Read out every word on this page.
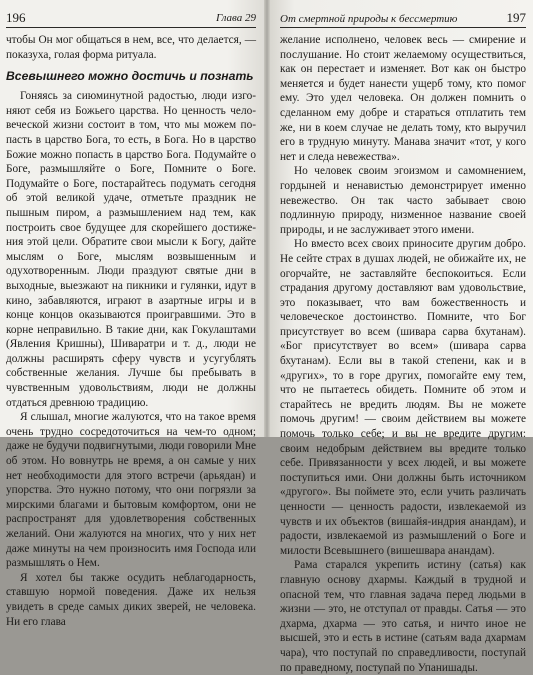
196	Глава 29

чтобы Он мог общаться в нем, все, что делается, — показуха, голая форма ритуала.

Всевышнего можно достичь и познать

Гоняясь за сиюминутной радостью, люди изгоняют себя из Божьего царства. Но ценность человеческой жизни состоит в том, что мы можем попасть в царство Бога, то есть, в Бога. Но в царство Божие можно попасть в царство Бога. Подумайте о Боге, размышляйте о Боге, Помните о Боге. Подумайте о Боге, постарайтесь подумать сегодня об этой великой удаче, отметьте праздник не пышным пиром, а размышлением над тем, как построить свое будущее для скорейшего достижения этой цели. Обратите свои мысли к Богу, дайте мыслям о Боге, мыслям возвышенным и одухотворенным. Люди праздуют святые дни в выходные, выезжают на пикники и гулянки, идут в кино, забавляются, играют в азартные игры и в конце концов оказываются проигравшими. Это в корне неправильно. В такие дни, как Гокулаштами (Явления Кришны), Шиваратри и т. д., люди не должны расширять сферу чувств и усугублять собственные желания. Лучше бы пребывать в чувственным удовольствиям, люди не должны отдаться древнюю традицию.

Я слышал, многие жалуются, что на такое время очень трудно сосредоточиться на чем-то одном; даже не будучи подвигнутыми, люди говорили Мне об этом. Но вовнутрь не время, а он самые у них нет необходимости для этого встречи (арьядан) и упорства. Это нужно потому, что они погрязли за мирскими благами и бытовым комфортом, они не распространят для удовлетворения собственных желаний. Они жалуются на многих, что у них нет даже минуты на чем произносить имя Господа или размышлять о Нем.

Я хотел бы также осудить неблагодарность, ставшую нормой поведения. Даже их нельзя увидеть в среде самых диких зверей, не человека. Ни его глава

От смертной природы к бессмертию	197

желание исполнено, человек весь — смирение и послушание. Но стоит желаемому осуществиться, как он перестает и изменяет. Вот как он быстро меняется и будет нанести ущерб тому, кто помог ему. Это удел человека. Он должен помнить о сделанном ему добре и стараться отплатить тем же, ни в коем случае не делать тому, кто выручил его в трудную минуту. Манава значит «тот, у кого нет и следа невежества».

Но человек своим эгоизмом и самомнением, гордыней и ненавистью демонстрирует именно невежество. Он так часто забывает свою подлинную природу, низменное название своей природы, и не заслуживает этого имени.

Но вместо всех своих приносите другим добро. Не сейте страх в душах людей, не обижайте их, не огорчайте, не заставляйте беспокоиться. Если страдания другому доставляют вам удовольствие, это показывает, что вам божественность и человеческое достоинство. Помните, что Бог присутствует во всем (шивара сарва бхутанам). «Бог присутствует во всем» (шивара сарва бхутанам). Если вы в такой степени, как и в «других», то в горе других, помогайте ему тем, что не пытаетесь обидеть. Помните об этом и старайтесь не вредить людям. Вы не можете помочь другим! — своим действием вы можете помочь только себе; и вы не вредите другим: своим недобрым действием вы вредите только себе. Привязанности у всех людей, и вы можете поступиться ими. Они должны быть источником «другого». Вы поймете это, если учить различать ценности — ценность радости, извлекаемой из чувств и их объектов (вишайя-индрия анандам), и радости, извлекаемой из размышлений о Боге и милости Всевышнего (вишешвара анандам).

Рама старался укрепить истину (сатья) как главную основу дхармы. Каждый в трудной и опасной тем, что главная задача перед людьми в жизни — это, не отступал от правды. Сатья — это дхарма, дхарма — это сатья, и ничто иное не высшей, это и есть в истине (сатьям вада дхармам чара), что поступай по справедливости, поступай по праведному, поступай по Упанишады.
